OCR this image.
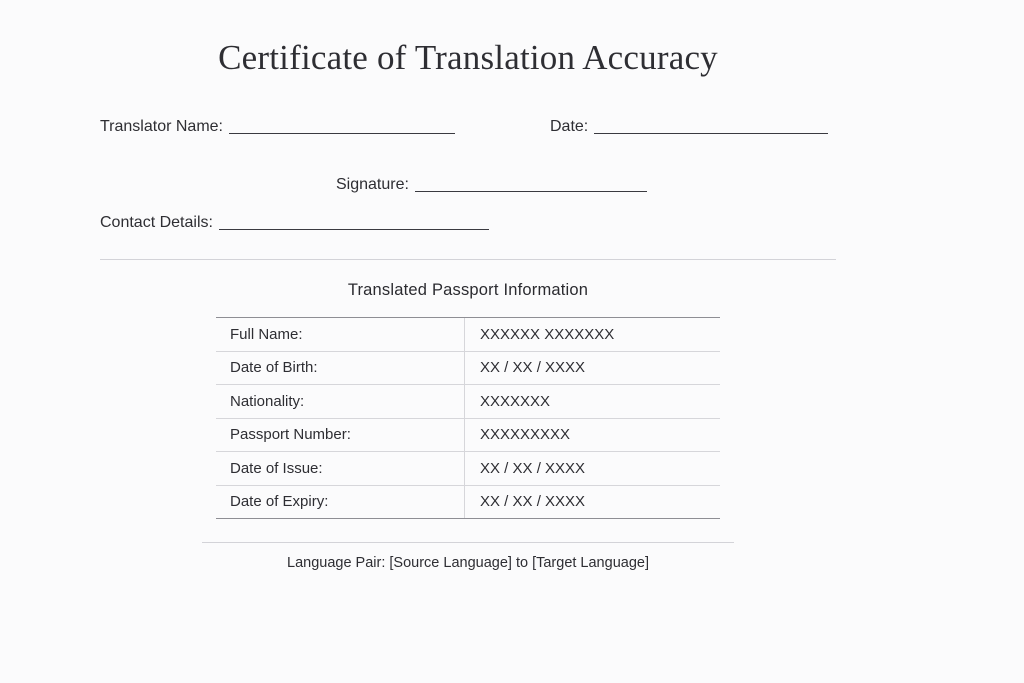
Certificate of Translation Accuracy
Translator Name:	Date:
Signature:
Contact Details:
Translated Passport Information
Full Name:	XXXXXX XXXXXXX
Date of Birth:	XX / XX / XXXX
Nationality:	XXXXXXX
Passport Number:	XXXXXXXXX
Date of Issue:	XX / XX / XXXX
Date of Expiry:	XX / XX / XXXX
Language Pair: [Source Language] to [Target Language]
